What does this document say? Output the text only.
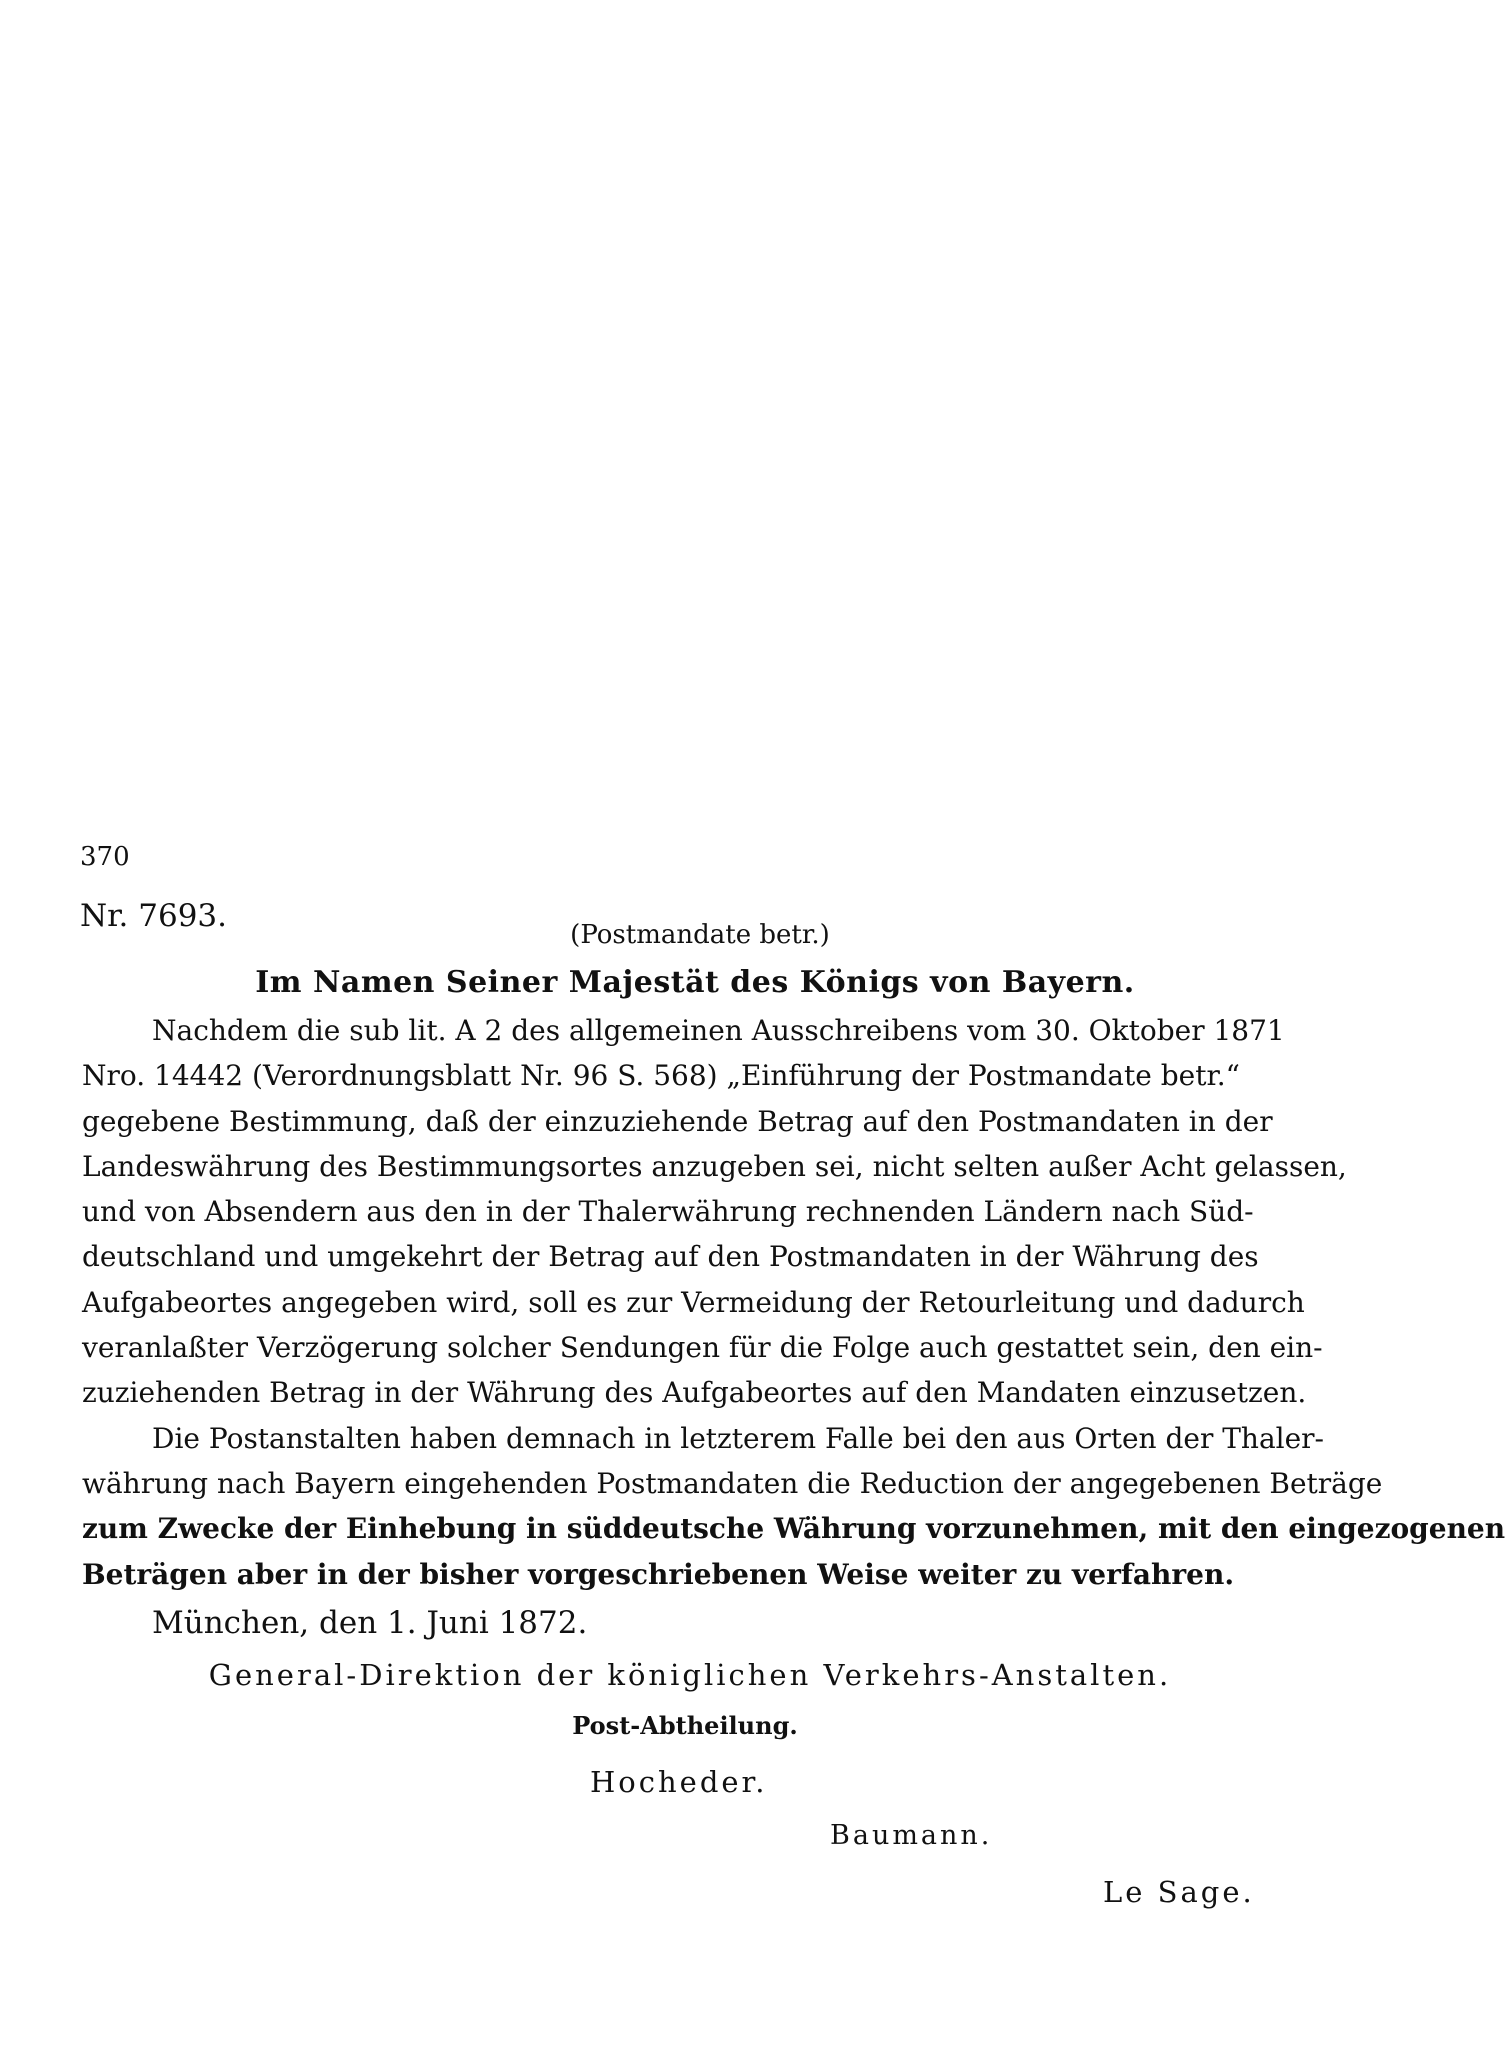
370
Nr. 7693.
(Postmandate betr.)
Im Namen Seiner Majestät des Königs von Bayern.
Nachdem die sub lit. A 2 des allgemeinen Ausschreibens vom 30. Oktober 1871
Nro. 14442 (Verordnungsblatt Nr. 96 S. 568) „Einführung der Postmandate betr.“
gegebene Bestimmung, daß der einzuziehende Betrag auf den Postmandaten in der
Landeswährung des Bestimmungsortes anzugeben sei, nicht selten außer Acht gelassen,
und von Absendern aus den in der Thalerwährung rechnenden Ländern nach Süd-
deutschland und umgekehrt der Betrag auf den Postmandaten in der Währung des
Aufgabeortes angegeben wird, soll es zur Vermeidung der Retourleitung und dadurch
veranlaßter Verzögerung solcher Sendungen für die Folge auch gestattet sein, den ein-
zuziehenden Betrag in der Währung des Aufgabeortes auf den Mandaten einzusetzen.
Die Postanstalten haben demnach in letzterem Falle bei den aus Orten der Thaler-
währung nach Bayern eingehenden Postmandaten die Reduction der angegebenen Beträge
zum Zwecke der Einhebung in süddeutsche Währung vorzunehmen, mit den eingezogenen
Beträgen aber in der bisher vorgeschriebenen Weise weiter zu verfahren.
München, den 1. Juni 1872.
General-Direktion der königlichen Verkehrs-Anstalten.
Post-Abtheilung.
Hocheder.
Baumann.
Le Sage.
